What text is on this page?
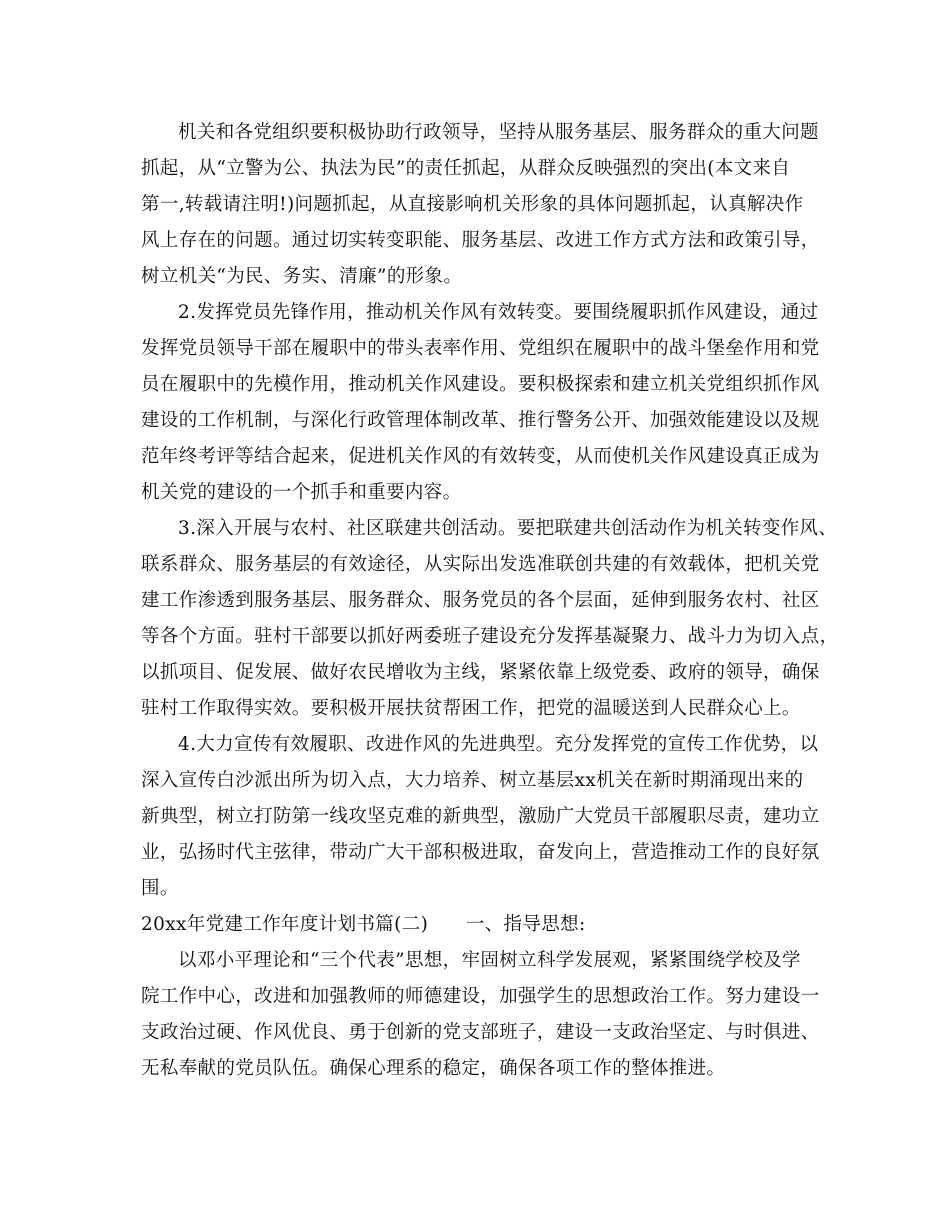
机关和各党组织要积极协助行政领导，坚持从服务基层、服务群众的重大问题
抓起，从“立警为公、执法为民”的责任抓起，从群众反映强烈的突出(本文来自
第一,转载请注明!)问题抓起，从直接影响机关形象的具体问题抓起，认真解决作
风上存在的问题。通过切实转变职能、服务基层、改进工作方式方法和政策引导，
树立机关“为民、务实、清廉”的形象。
2.发挥党员先锋作用，推动机关作风有效转变。要围绕履职抓作风建设，通过
发挥党员领导干部在履职中的带头表率作用、党组织在履职中的战斗堡垒作用和党
员在履职中的先模作用，推动机关作风建设。要积极探索和建立机关党组织抓作风
建设的工作机制，与深化行政管理体制改革、推行警务公开、加强效能建设以及规
范年终考评等结合起来，促进机关作风的有效转变，从而使机关作风建设真正成为
机关党的建设的一个抓手和重要内容。
3.深入开展与农村、社区联建共创活动。要把联建共创活动作为机关转变作风、
联系群众、服务基层的有效途径，从实际出发选准联创共建的有效载体，把机关党
建工作渗透到服务基层、服务群众、服务党员的各个层面，延伸到服务农村、社区
等各个方面。驻村干部要以抓好两委班子建设充分发挥基凝聚力、战斗力为切入点，
以抓项目、促发展、做好农民增收为主线，紧紧依靠上级党委、政府的领导，确保
驻村工作取得实效。要积极开展扶贫帮困工作，把党的温暖送到人民群众心上。
4.大力宣传有效履职、改进作风的先进典型。充分发挥党的宣传工作优势，以
深入宣传白沙派出所为切入点，大力培养、树立基层xx机关在新时期涌现出来的
新典型，树立打防第一线攻坚克难的新典型，激励广大党员干部履职尽责，建功立
业，弘扬时代主弦律，带动广大干部积极进取，奋发向上，营造推动工作的良好氛
围。
20xx年党建工作年度计划书篇(二)　　一、指导思想:
以邓小平理论和“三个代表”思想，牢固树立科学发展观，紧紧围绕学校及学
院工作中心，改进和加强教师的师德建设，加强学生的思想政治工作。努力建设一
支政治过硬、作风优良、勇于创新的党支部班子，建设一支政治坚定、与时俱进、
无私奉献的党员队伍。确保心理系的稳定，确保各项工作的整体推进。
